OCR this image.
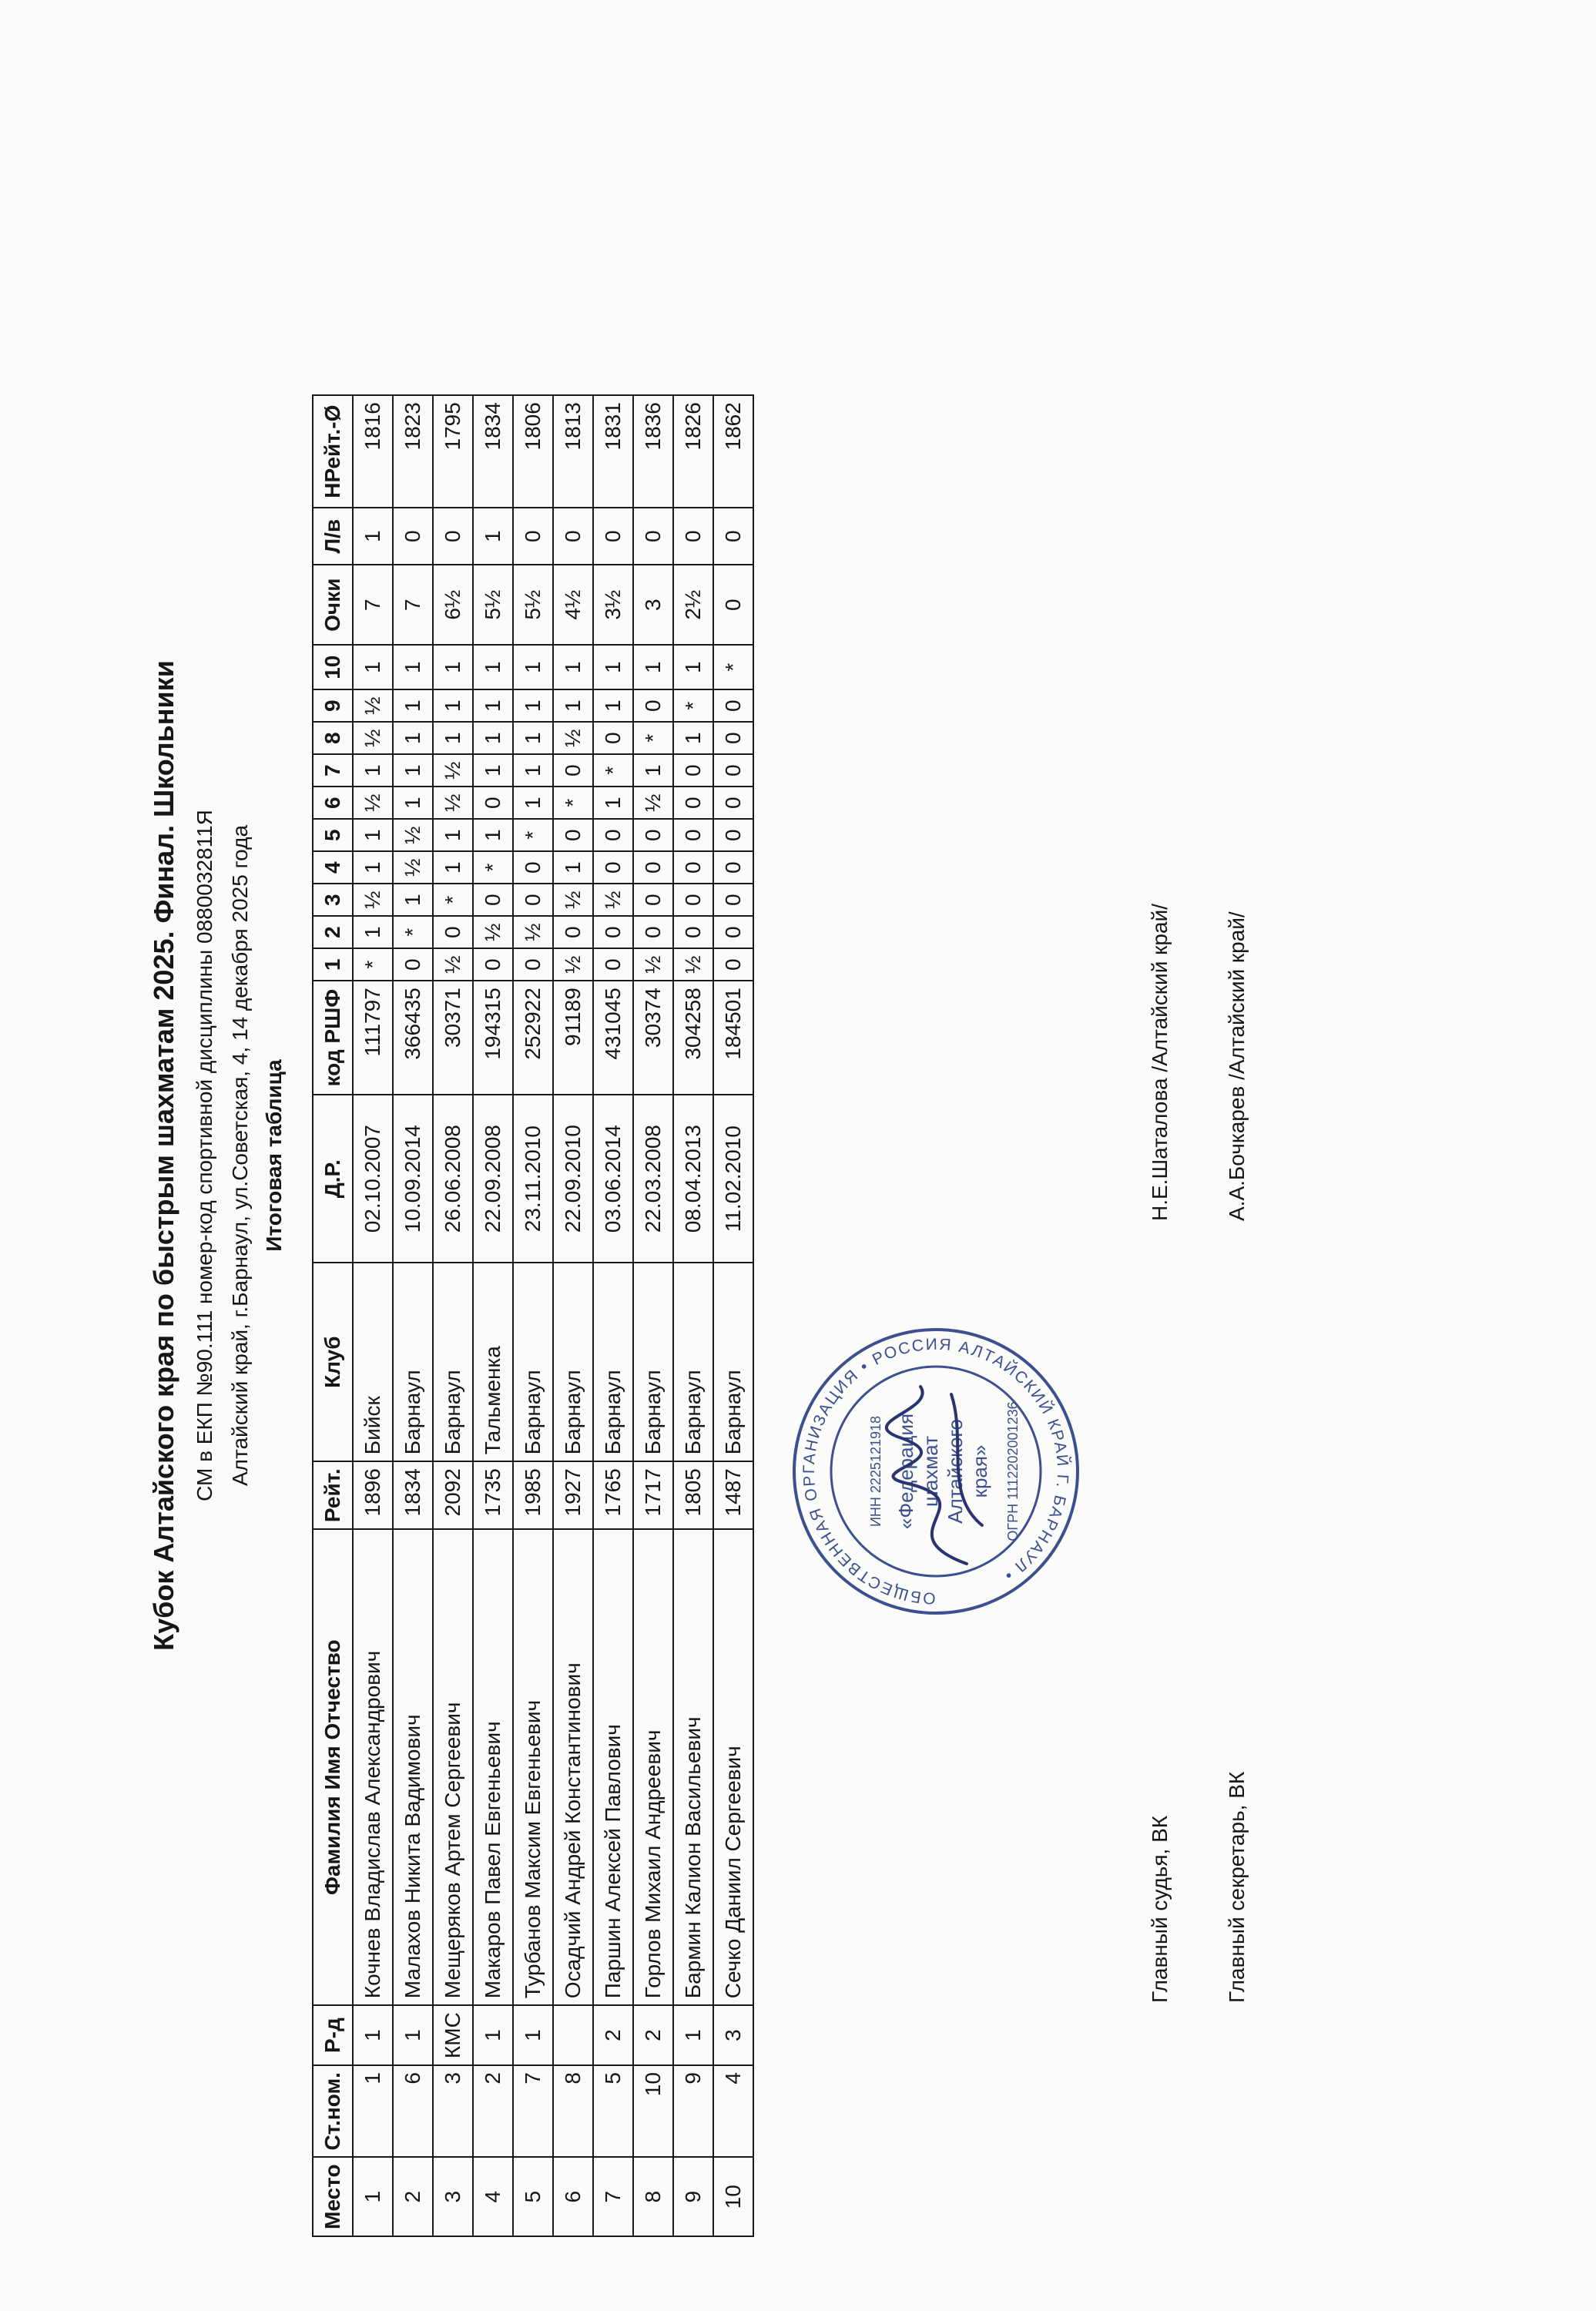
Кубок Алтайского края по быстрым шахматам 2025. Финал. Школьники СМ в ЕКП №90.111 номер-код спортивной дисциплины 0880032811Я Алтайский край, г.Барнаул, ул.Советская, 4, 14 декабря 2025 года Итоговая таблица
Место	Ст.ном.	Р-д	Фамилия Имя Отчество	Рейт.	Клуб	Д.Р.	код РШФ	1	2	3	4	5	6	7	8	9	10	Очки	Л/в	НРейт.-Ø
1	1	1	Кочнев Владислав Александрович	1896	Бийск	02.10.2007	111797	*	1	½	1	1	½	1	½	½	1	7	1	1816
2	6	1	Малахов Никита Вадимович	1834	Барнаул	10.09.2014	366435	0	*	1	½	½	1	1	1	1	1	7	0	1823
3	3	КМС	Мещеряков Артем Сергеевич	2092	Барнаул	26.06.2008	30371	½	0	*	1	1	½	½	1	1	1	6½	0	1795
4	2	1	Макаров Павел Евгеньевич	1735	Тальменка	22.09.2008	194315	0	½	0	*	1	0	1	1	1	1	5½	1	1834
5	7	1	Турбанов Максим Евгеньевич	1985	Барнаул	23.11.2010	252922	0	½	0	0	*	1	1	1	1	1	5½	0	1806
6	8		Осадчий Андрей Константинович	1927	Барнаул	22.09.2010	91189	½	0	½	1	0	*	0	½	1	1	4½	0	1813
7	5	2	Паршин Алексей Павлович	1765	Барнаул	03.06.2014	431045	0	0	½	0	0	1	*	0	1	1	3½	0	1831
8	10	2	Горлов Михаил Андреевич	1717	Барнаул	22.03.2008	30374	½	0	0	0	0	½	1	*	0	1	3	0	1836
9	9	1	Бармин Калион Васильевич	1805	Барнаул	08.04.2013	304258	½	0	0	0	0	0	0	1	*	1	2½	0	1826
10	4	3	Сечко Даниил Сергеевич	1487	Барнаул	11.02.2010	184501	0	0	0	0	0	0	0	0	0	*	0	0	1862
Главный судья, ВК
Н.Е.Шаталова /Алтайский край/
Главный секретарь, ВК
А.А.Бочкарев /Алтайский край/
ОБЩЕСТВЕННАЯ ОРГАНИЗАЦИЯ • РОССИЯ АЛТАЙСКИЙ КРАЙ Г. БАРНАУЛ •
ИНН 2225121918 «Федерация шахмат Алтайского края» ОГРН 1112202001236
